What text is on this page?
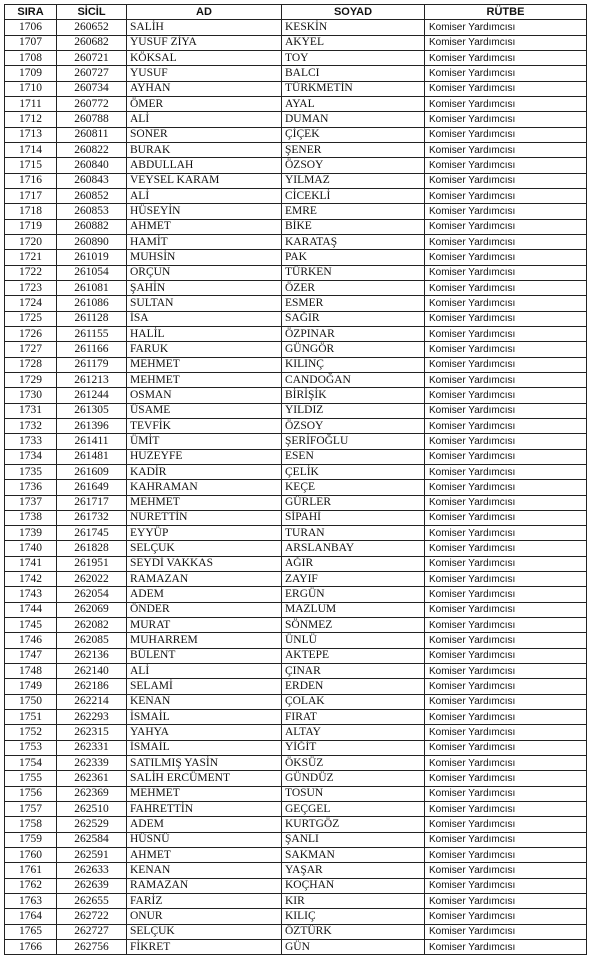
SIRA	SİCİL	AD	SOYAD	RÜTBE
1706	260652	SALİH	KESKİN	Komiser Yardımcısı
1707	260682	YUSUF ZİYA	AKYEL	Komiser Yardımcısı
1708	260721	KÖKSAL	TOY	Komiser Yardımcısı
1709	260727	YUSUF	BALCI	Komiser Yardımcısı
1710	260734	AYHAN	TÜRKMETİN	Komiser Yardımcısı
1711	260772	ÖMER	AYAL	Komiser Yardımcısı
1712	260788	ALİ	DUMAN	Komiser Yardımcısı
1713	260811	SONER	ÇİÇEK	Komiser Yardımcısı
1714	260822	BURAK	ŞENER	Komiser Yardımcısı
1715	260840	ABDULLAH	ÖZSOY	Komiser Yardımcısı
1716	260843	VEYSEL KARAM	YILMAZ	Komiser Yardımcısı
1717	260852	ALİ	CİCEKLİ	Komiser Yardımcısı
1718	260853	HÜSEYİN	EMRE	Komiser Yardımcısı
1719	260882	AHMET	BİKE	Komiser Yardımcısı
1720	260890	HAMİT	KARATAŞ	Komiser Yardımcısı
1721	261019	MUHSİN	PAK	Komiser Yardımcısı
1722	261054	ORÇUN	TÜRKEN	Komiser Yardımcısı
1723	261081	ŞAHİN	ÖZER	Komiser Yardımcısı
1724	261086	SULTAN	ESMER	Komiser Yardımcısı
1725	261128	İSA	SAĞIR	Komiser Yardımcısı
1726	261155	HALİL	ÖZPINAR	Komiser Yardımcısı
1727	261166	FARUK	GÜNGÖR	Komiser Yardımcısı
1728	261179	MEHMET	KILINÇ	Komiser Yardımcısı
1729	261213	MEHMET	CANDOĞAN	Komiser Yardımcısı
1730	261244	OSMAN	BİRİŞİK	Komiser Yardımcısı
1731	261305	ÜSAME	YILDIZ	Komiser Yardımcısı
1732	261396	TEVFİK	ÖZSOY	Komiser Yardımcısı
1733	261411	ÜMİT	ŞERİFOĞLU	Komiser Yardımcısı
1734	261481	HUZEYFE	ESEN	Komiser Yardımcısı
1735	261609	KADİR	ÇELİK	Komiser Yardımcısı
1736	261649	KAHRAMAN	KEÇE	Komiser Yardımcısı
1737	261717	MEHMET	GÜRLER	Komiser Yardımcısı
1738	261732	NURETTİN	SİPAHİ	Komiser Yardımcısı
1739	261745	EYYÜP	TURAN	Komiser Yardımcısı
1740	261828	SELÇUK	ARSLANBAY	Komiser Yardımcısı
1741	261951	SEYDİ VAKKAS	AĞIR	Komiser Yardımcısı
1742	262022	RAMAZAN	ZAYIF	Komiser Yardımcısı
1743	262054	ADEM	ERGÜN	Komiser Yardımcısı
1744	262069	ÖNDER	MAZLUM	Komiser Yardımcısı
1745	262082	MURAT	SÖNMEZ	Komiser Yardımcısı
1746	262085	MUHARREM	ÜNLÜ	Komiser Yardımcısı
1747	262136	BÜLENT	AKTEPE	Komiser Yardımcısı
1748	262140	ALİ	ÇINAR	Komiser Yardımcısı
1749	262186	SELAMİ	ERDEN	Komiser Yardımcısı
1750	262214	KENAN	ÇOLAK	Komiser Yardımcısı
1751	262293	İSMAİL	FIRAT	Komiser Yardımcısı
1752	262315	YAHYA	ALTAY	Komiser Yardımcısı
1753	262331	İSMAİL	YİĞİT	Komiser Yardımcısı
1754	262339	SATILMIŞ YASİN	ÖKSÜZ	Komiser Yardımcısı
1755	262361	SALİH ERCÜMENT	GÜNDÜZ	Komiser Yardımcısı
1756	262369	MEHMET	TOSUN	Komiser Yardımcısı
1757	262510	FAHRETTİN	GEÇGEL	Komiser Yardımcısı
1758	262529	ADEM	KURTGÖZ	Komiser Yardımcısı
1759	262584	HÜSNÜ	ŞANLI	Komiser Yardımcısı
1760	262591	AHMET	SAKMAN	Komiser Yardımcısı
1761	262633	KENAN	YAŞAR	Komiser Yardımcısı
1762	262639	RAMAZAN	KOÇHAN	Komiser Yardımcısı
1763	262655	FARİZ	KIR	Komiser Yardımcısı
1764	262722	ONUR	KILIÇ	Komiser Yardımcısı
1765	262727	SELÇUK	ÖZTÜRK	Komiser Yardımcısı
1766	262756	FİKRET	GÜN	Komiser Yardımcısı
